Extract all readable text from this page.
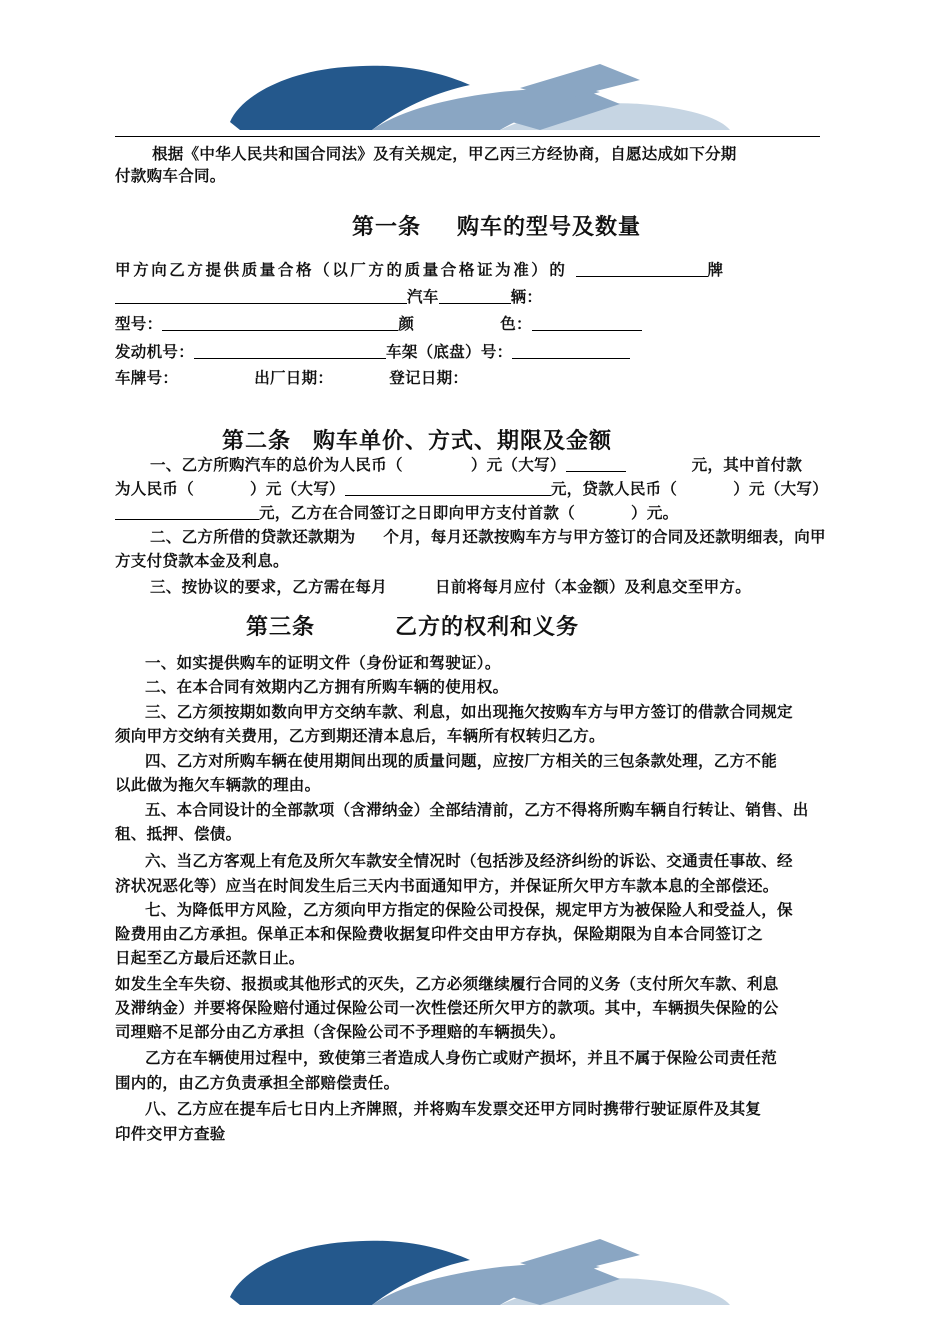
根据《中华人民共和国合同法》及有关规定，甲乙丙三方经协商，自愿达成如下分期
付款购车合同。
第一条 购车的型号及数量
甲方向乙方提供质量合格（以厂方的质量合格证为准）的	牌
汽车	辆：
型号：	颜	色：
发动机号：	车架（底盘）号：
车牌号：	出厂日期：	登记日期：
第二条 购车单价、方式、期限及金额
一、乙方所购汽车的总价为人民币（	）元（大写）	元，其中首付款
为人民币（	）元（大写）	元，贷款人民币（	）元（大写）
元，乙方在合同签订之日即向甲方支付首款（	）元。
二、乙方所借的贷款还款期为 个月，每月还款按购车方与甲方签订的合同及还款明细表，向甲
方支付贷款本金及利息。
三、按协议的要求，乙方需在每月	日前将每月应付（本金额）及利息交至甲方。
第三条	乙方的权利和义务
一、如实提供购车的证明文件（身份证和驾驶证）。
二、在本合同有效期内乙方拥有所购车辆的使用权。
三、乙方须按期如数向甲方交纳车款、利息，如出现拖欠按购车方与甲方签订的借款合同规定
须向甲方交纳有关费用，乙方到期还清本息后，车辆所有权转归乙方。
四、乙方对所购车辆在使用期间出现的质量问题，应按厂方相关的三包条款处理，乙方不能
以此做为拖欠车辆款的理由。
五、本合同设计的全部款项（含滞纳金）全部结清前，乙方不得将所购车辆自行转让、销售、出
租、抵押、偿债。
六、当乙方客观上有危及所欠车款安全情况时（包括涉及经济纠纷的诉讼、交通责任事故、经
济状况恶化等）应当在时间发生后三天内书面通知甲方，并保证所欠甲方车款本息的全部偿还。
七、为降低甲方风险，乙方须向甲方指定的保险公司投保，规定甲方为被保险人和受益人，保
险费用由乙方承担。保单正本和保险费收据复印件交由甲方存执，保险期限为自本合同签订之
日起至乙方最后还款日止。
如发生全车失窃、报损或其他形式的灭失，乙方必须继续履行合同的义务（支付所欠车款、利息
及滞纳金）并要将保险赔付通过保险公司一次性偿还所欠甲方的款项。其中，车辆损失保险的公
司理赔不足部分由乙方承担（含保险公司不予理赔的车辆损失）。
乙方在车辆使用过程中，致使第三者造成人身伤亡或财产损坏，并且不属于保险公司责任范
围内的，由乙方负责承担全部赔偿责任。
八、乙方应在提车后七日内上齐牌照，并将购车发票交还甲方同时携带行驶证原件及其复
印件交甲方查验
